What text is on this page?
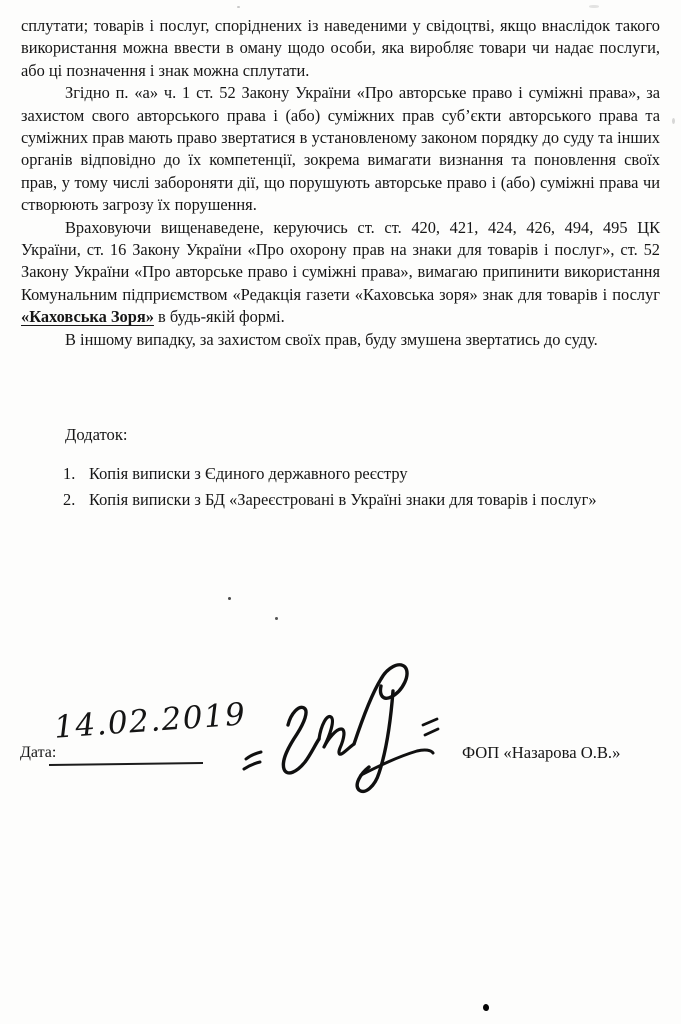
сплутати; товарів і послуг, споріднених із наведеними у свідоцтві, якщо внаслідок такого використання можна ввести в оману щодо особи, яка виробляє товари чи надає послуги, або ці позначення і знак можна сплутати.

Згідно п. «а» ч. 1 ст. 52 Закону України «Про авторське право і суміжні права», за захистом свого авторського права і (або) суміжних прав суб’єкти авторського права та суміжних прав мають право звертатися в установленому законом порядку до суду та інших органів відповідно до їх компетенції, зокрема вимагати визнання та поновлення своїх прав, у тому числі забороняти дії, що порушують авторське право і (або) суміжні права чи створюють загрозу їх порушення.

Враховуючи вищенаведене, керуючись ст. ст. 420, 421, 424, 426, 494, 495 ЦК України, ст. 16 Закону України «Про охорону прав на знаки для товарів і послуг», ст. 52 Закону України «Про авторське право і суміжні права», вимагаю припинити використання Комунальним підприємством «Редакція газети «Каховська зоря» знак для товарів і послуг «Каховська Зоря» в будь-якій формі.

В іншому випадку, за захистом своїх прав, буду змушена звертатись до суду.

Додаток:
1. Копія виписки з Єдиного державного реєстру
2. Копія виписки з БД «Зареєстровані в Україні знаки для товарів і послуг»
Дата:
14.02.2019
ФОП «Назарова О.В.»
